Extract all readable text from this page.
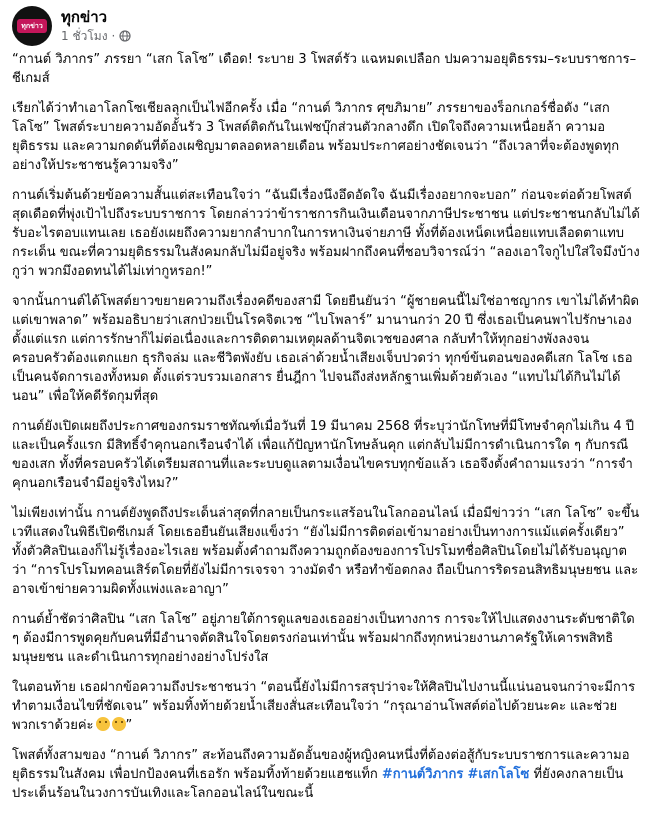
ทุกข่าว ทุกข่าว
1 ชั่วโมง ·

“กานต์ วิภากร” ภรรยา “เสก โลโซ” เดือด! ระบาย 3 โพสต์รัว แฉหมดเปลือก ปมความอยุติธรรม–ระบบราชการ–ชีเกมส์

เรียกได้ว่าทำเอาโลกโซเชียลลุกเป็นไฟอีกครั้ง เมื่อ “กานต์ วิภากร ศุขภิมาย” ภรรยาของร็อกเกอร์ชื่อดัง “เสก โลโซ” โพสต์ระบายความอัดอั้นรัว 3 โพสต์ติดกันในเฟซบุ๊กส่วนตัวกลางดึก เปิดใจถึงความเหนื่อยล้า ความอยุติธรรม และความกดดันที่ต้องเผชิญมาตลอดหลายเดือน พร้อมประกาศอย่างชัดเจนว่า “ถึงเวลาที่จะต้องพูดทุกอย่างให้ประชาชนรู้ความจริง”

กานต์เริ่มต้นด้วยข้อความสั้นแต่สะเทือนใจว่า “ฉันมีเรื่องนึงอึดอัดใจ ฉันมีเรื่องอยากจะบอก” ก่อนจะต่อด้วยโพสต์สุดเดือดที่พุ่งเป้าไปถึงระบบราชการ โดยกล่าวว่าข้าราชการกินเงินเดือนจากภาษีประชาชน แต่ประชาชนกลับไม่ได้รับอะไรตอบแทนเลย เธอยังเผยถึงความยากลำบากในการหาเงินจ่ายภาษี ทั้งที่ต้องเหน็ดเหนื่อยแทบเลือดตาแทบกระเด็น ขณะที่ความยุติธรรมในสังคมกลับไม่มีอยู่จริง พร้อมฝากถึงคนที่ชอบวิจารณ์ว่า “ลองเอาใจกูไปใส่ใจมึงบ้าง กูว่า พวกมึงอดทนได้ไม่เท่ากูหรอก!”

จากนั้นกานต์ได้โพสต์ยาวขยายความถึงเรื่องคดีของสามี โดยยืนยันว่า “ผู้ชายคนนี้ไม่ใช่อาชญากร เขาไม่ได้ทำผิด แต่เขาพลาด” พร้อมอธิบายว่าเสกป่วยเป็นโรคจิตเวช “ไบโพลาร์” มานานกว่า 20 ปี ซึ่งเธอเป็นคนพาไปรักษาเองตั้งแต่แรก แต่การรักษาก็ไม่ต่อเนื่องและการติดตามเหตุผลด้านจิตเวชของศาล กลับทำให้ทุกอย่างพังลงจนครอบครัวต้องแตกแยก ธุรกิจล่ม และชีวิตพังยับ เธอเล่าด้วยน้ำเสียงเจ็บปวดว่า ทุกข์ข้นตอนของคดีเสก โลโซ เธอเป็นคนจัดการเองทั้งหมด ตั้งแต่รวบรวมเอกสาร ยื่นฎีกา ไปจนถึงส่งหลักฐานเพิ่มด้วยตัวเอง “แทบไม่ได้กินไม่ได้นอน” เพื่อให้คดีรัดกุมที่สุด

กานต์ยังเปิดเผยถึงประกาศของกรมราชทัณฑ์เมื่อวันที่ 19 มีนาคม 2568 ที่ระบุว่านักโทษที่มีโทษจำคุกไม่เกิน 4 ปี และเป็นครั้งแรก มีสิทธิ์จำคุกนอกเรือนจำได้ เพื่อแก้ปัญหานักโทษล้นคุก แต่กลับไม่มีการดำเนินการใด ๆ กับกรณีของเสก ทั้งที่ครอบครัวได้เตรียมสถานที่และระบบดูแลตามเงื่อนไขครบทุกข้อแล้ว เธอจึงตั้งคำถามแรงว่า “การจำคุกนอกเรือนจำมีอยู่จริงไหม?”

ไม่เพียงเท่านั้น กานต์ยังพูดถึงประเด็นล่าสุดที่กลายเป็นกระแสร้อนในโลกออนไลน์ เมื่อมีข่าวว่า “เสก โลโซ” จะขึ้นเวทีแสดงในพิธีเปิดซีเกมส์ โดยเธอยืนยันเสียงแข็งว่า “ยังไม่มีการติดต่อเข้ามาอย่างเป็นทางการแม้แต่ครั้งเดียว” ทั้งตัวศิลปินเองก็ไม่รู้เรื่องอะไรเลย พร้อมตั้งคำถามถึงความถูกต้องของการโปรโมทชื่อศิลปินโดยไม่ได้รับอนุญาตว่า “การโปรโมทคอนเสิร์ตโดยที่ยังไม่มีการเจรจา วางมัดจำ หรือทำข้อตกลง ถือเป็นการริดรอนสิทธิมนุษยชน และอาจเข้าข่ายความผิดทั้งแพ่งและอาญา”

กานต์ย้ำชัดว่าศิลปิน “เสก โลโซ” อยู่ภายใต้การดูแลของเธออย่างเป็นทางการ การจะให้ไปแสดงงานระดับชาติใด ๆ ต้องมีการพูดคุยกับคนที่มีอำนาจตัดสินใจโดยตรงก่อนเท่านั้น พร้อมฝากถึงทุกหน่วยงานภาครัฐให้เคารพสิทธิมนุษยชน และดำเนินการทุกอย่างอย่างโปร่งใส

ในตอนท้าย เธอฝากข้อความถึงประชาชนว่า “ตอนนี้ยังไม่มีการสรุปว่าจะให้ศิลปินไปงานนี้แน่นอนจนกว่าจะมีการทำตามเงื่อนไขที่ชัดเจน” พร้อมทิ้งท้ายด้วยน้ำเสียงสั่นสะเทือนใจว่า “กรุณาอ่านโพสต์ต่อไปด้วยนะคะ และช่วยพวกเราด้วยค่ะ ”

โพสต์ทั้งสามของ “กานต์ วิภากร” สะท้อนถึงความอัดอั้นของผู้หญิงคนหนึ่งที่ต้องต่อสู้กับระบบราชการและความอยุติธรรมในสังคม เพื่อปกป้องคนที่เธอรัก พร้อมทิ้งท้ายด้วยแฮชแท็ก #กานต์วิภากร #เสกโลโซ ที่ยังคงกลายเป็นประเด็นร้อนในวงการบันเทิงและโลกออนไลน์ในขณะนี้
